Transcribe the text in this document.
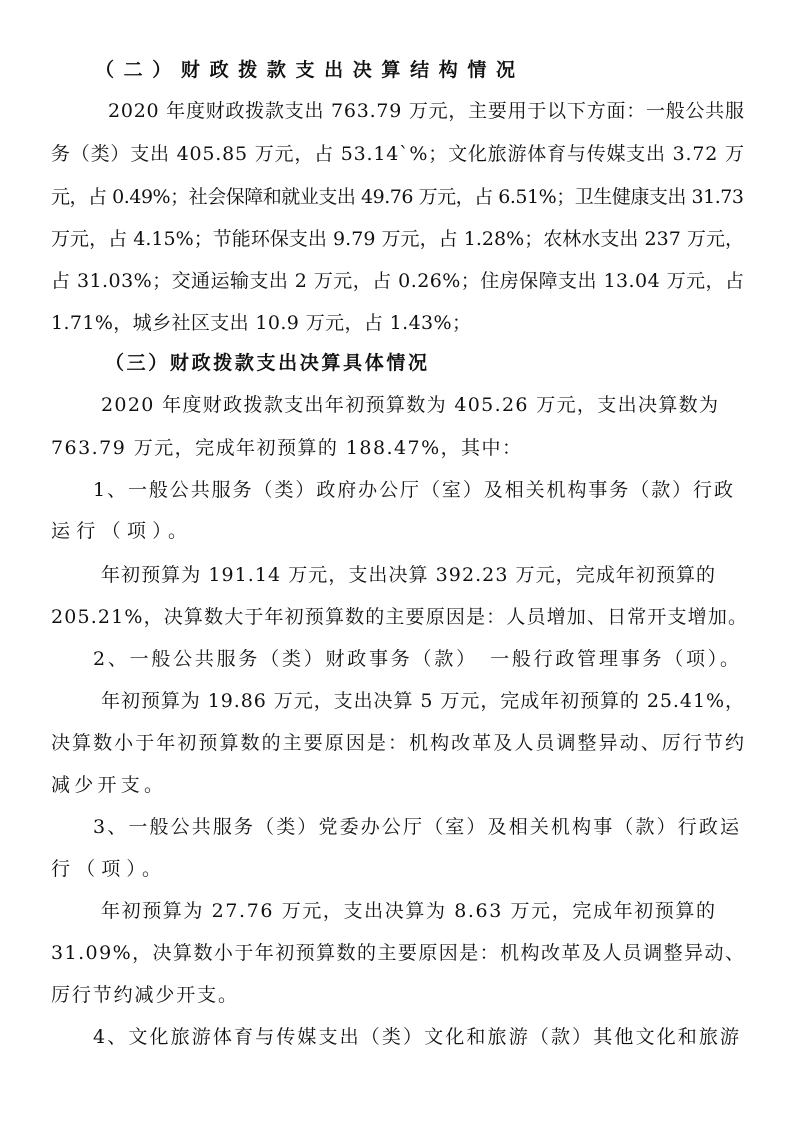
（二）财政拨款支出决算结构情况
2020 年度财政拨款支出 763.79 万元，主要用于以下方面：一般公共服
务（类）支出 405.85 万元，占 53.14`%；文化旅游体育与传媒支出 3.72 万
元，占 0.49%；社会保障和就业支出 49.76 万元，占 6.51%；卫生健康支出 31.73
万元，占 4.15%；节能环保支出 9.79 万元，占 1.28%；农林水支出 237 万元，
占 31.03%；交通运输支出 2 万元，占 0.26%；住房保障支出 13.04 万元，占
1.71%，城乡社区支出 10.9 万元，占 1.43%；
（三）财政拨款支出决算具体情况
2020 年度财政拨款支出年初预算数为 405.26 万元，支出决算数为
763.79 万元，完成年初预算的 188.47%，其中：
1、一般公共服务（类）政府办公厅（室）及相关机构事务（款）行政
运行（项）。
年初预算为 191.14 万元，支出决算 392.23 万元，完成年初预算的
205.21%，决算数大于年初预算数的主要原因是：人员增加、日常开支增加。
2、一般公共服务（类）财政事务（款）　一般行政管理事务（项）。
年初预算为 19.86 万元，支出决算 5 万元，完成年初预算的 25.41%，
决算数小于年初预算数的主要原因是：机构改革及人员调整异动、厉行节约
减少开支。
3、一般公共服务（类）党委办公厅（室）及相关机构事（款）行政运
行（项）。
年初预算为 27.76 万元，支出决算为 8.63 万元，完成年初预算的
31.09%，决算数小于年初预算数的主要原因是：机构改革及人员调整异动、
厉行节约减少开支。
4、文化旅游体育与传媒支出（类）文化和旅游（款）其他文化和旅游
